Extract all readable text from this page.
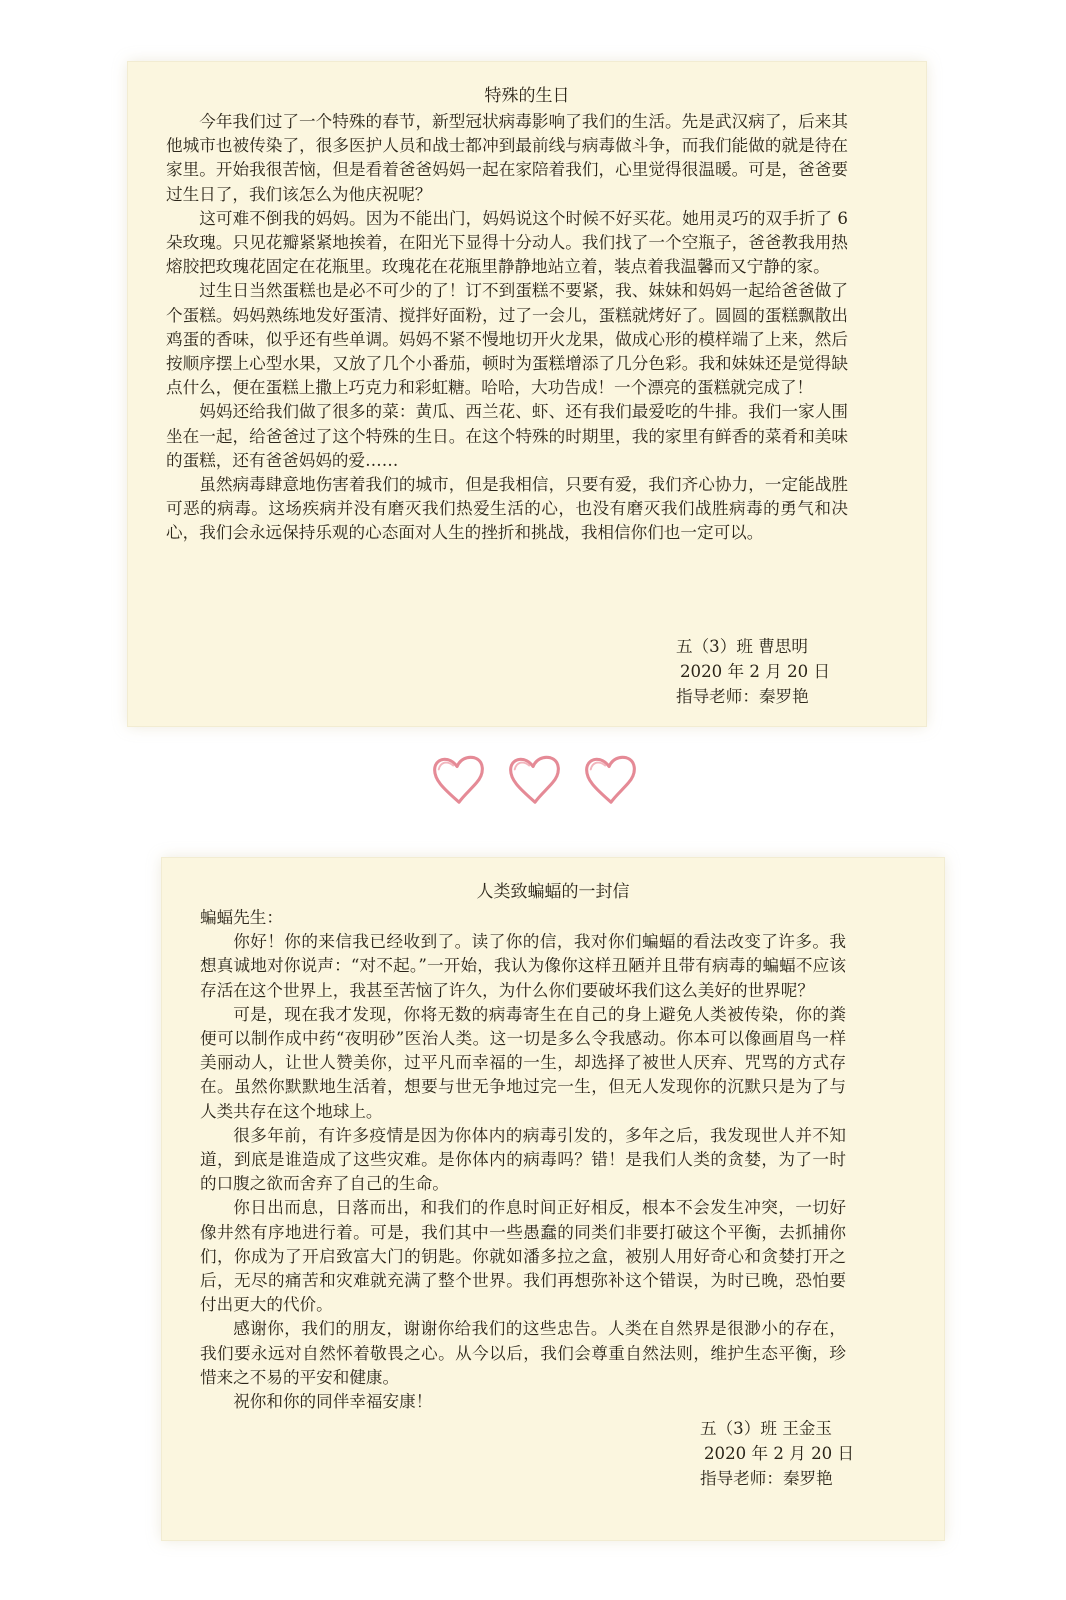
特殊的生日

今年我们过了一个特殊的春节，新型冠状病毒影响了我们的生活。先是武汉病了，后来其他城市也被传染了，很多医护人员和战士都冲到最前线与病毒做斗争，而我们能做的就是待在家里。开始我很苦恼，但是看着爸爸妈妈一起在家陪着我们，心里觉得很温暖。可是，爸爸要过生日了，我们该怎么为他庆祝呢？

这可难不倒我的妈妈。因为不能出门，妈妈说这个时候不好买花。她用灵巧的双手折了 6 朵玫瑰。只见花瓣紧紧地挨着，在阳光下显得十分动人。我们找了一个空瓶子，爸爸教我用热熔胶把玫瑰花固定在花瓶里。玫瑰花在花瓶里静静地站立着，装点着我温馨而又宁静的家。

过生日当然蛋糕也是必不可少的了！订不到蛋糕不要紧，我、妹妹和妈妈一起给爸爸做了个蛋糕。妈妈熟练地发好蛋清、搅拌好面粉，过了一会儿，蛋糕就烤好了。圆圆的蛋糕飘散出鸡蛋的香味，似乎还有些单调。妈妈不紧不慢地切开火龙果，做成心形的模样端了上来，然后按顺序摆上心型水果，又放了几个小番茄，顿时为蛋糕增添了几分色彩。我和妹妹还是觉得缺点什么，便在蛋糕上撒上巧克力和彩虹糖。哈哈，大功告成！一个漂亮的蛋糕就完成了！

妈妈还给我们做了很多的菜：黄瓜、西兰花、虾、还有我们最爱吃的牛排。我们一家人围坐在一起，给爸爸过了这个特殊的生日。在这个特殊的时期里，我的家里有鲜香的菜肴和美味的蛋糕，还有爸爸妈妈的爱……

虽然病毒肆意地伤害着我们的城市，但是我相信，只要有爱，我们齐心协力，一定能战胜可恶的病毒。这场疾病并没有磨灭我们热爱生活的心，也没有磨灭我们战胜病毒的勇气和决心，我们会永远保持乐观的心态面对人生的挫折和挑战，我相信你们也一定可以。

五（3）班 曹思明
2020 年 2 月 20 日
指导老师：秦罗艳
人类致蝙蝠的一封信

蝙蝠先生：

你好！你的来信我已经收到了。读了你的信，我对你们蝙蝠的看法改变了许多。我想真诚地对你说声：“对不起。”一开始，我认为像你这样丑陋并且带有病毒的蝙蝠不应该存活在这个世界上，我甚至苦恼了许久，为什么你们要破坏我们这么美好的世界呢？

可是，现在我才发现，你将无数的病毒寄生在自己的身上避免人类被传染，你的粪便可以制作成中药“夜明砂”医治人类。这一切是多么令我感动。你本可以像画眉鸟一样美丽动人，让世人赞美你，过平凡而幸福的一生，却选择了被世人厌弃、咒骂的方式存在。虽然你默默地生活着，想要与世无争地过完一生，但无人发现你的沉默只是为了与人类共存在这个地球上。

很多年前，有许多疫情是因为你体内的病毒引发的，多年之后，我发现世人并不知道，到底是谁造成了这些灾难。是你体内的病毒吗？错！是我们人类的贪婪，为了一时的口腹之欲而舍弃了自己的生命。

你日出而息，日落而出，和我们的作息时间正好相反，根本不会发生冲突，一切好像井然有序地进行着。可是，我们其中一些愚蠢的同类们非要打破这个平衡，去抓捕你们，你成为了开启致富大门的钥匙。你就如潘多拉之盒，被别人用好奇心和贪婪打开之后，无尽的痛苦和灾难就充满了整个世界。我们再想弥补这个错误，为时已晚，恐怕要付出更大的代价。

感谢你，我们的朋友，谢谢你给我们的这些忠告。人类在自然界是很渺小的存在，我们要永远对自然怀着敬畏之心。从今以后，我们会尊重自然法则，维护生态平衡，珍惜来之不易的平安和健康。

祝你和你的同伴幸福安康！

五（3）班 王金玉
2020 年 2 月 20 日
指导老师：秦罗艳
